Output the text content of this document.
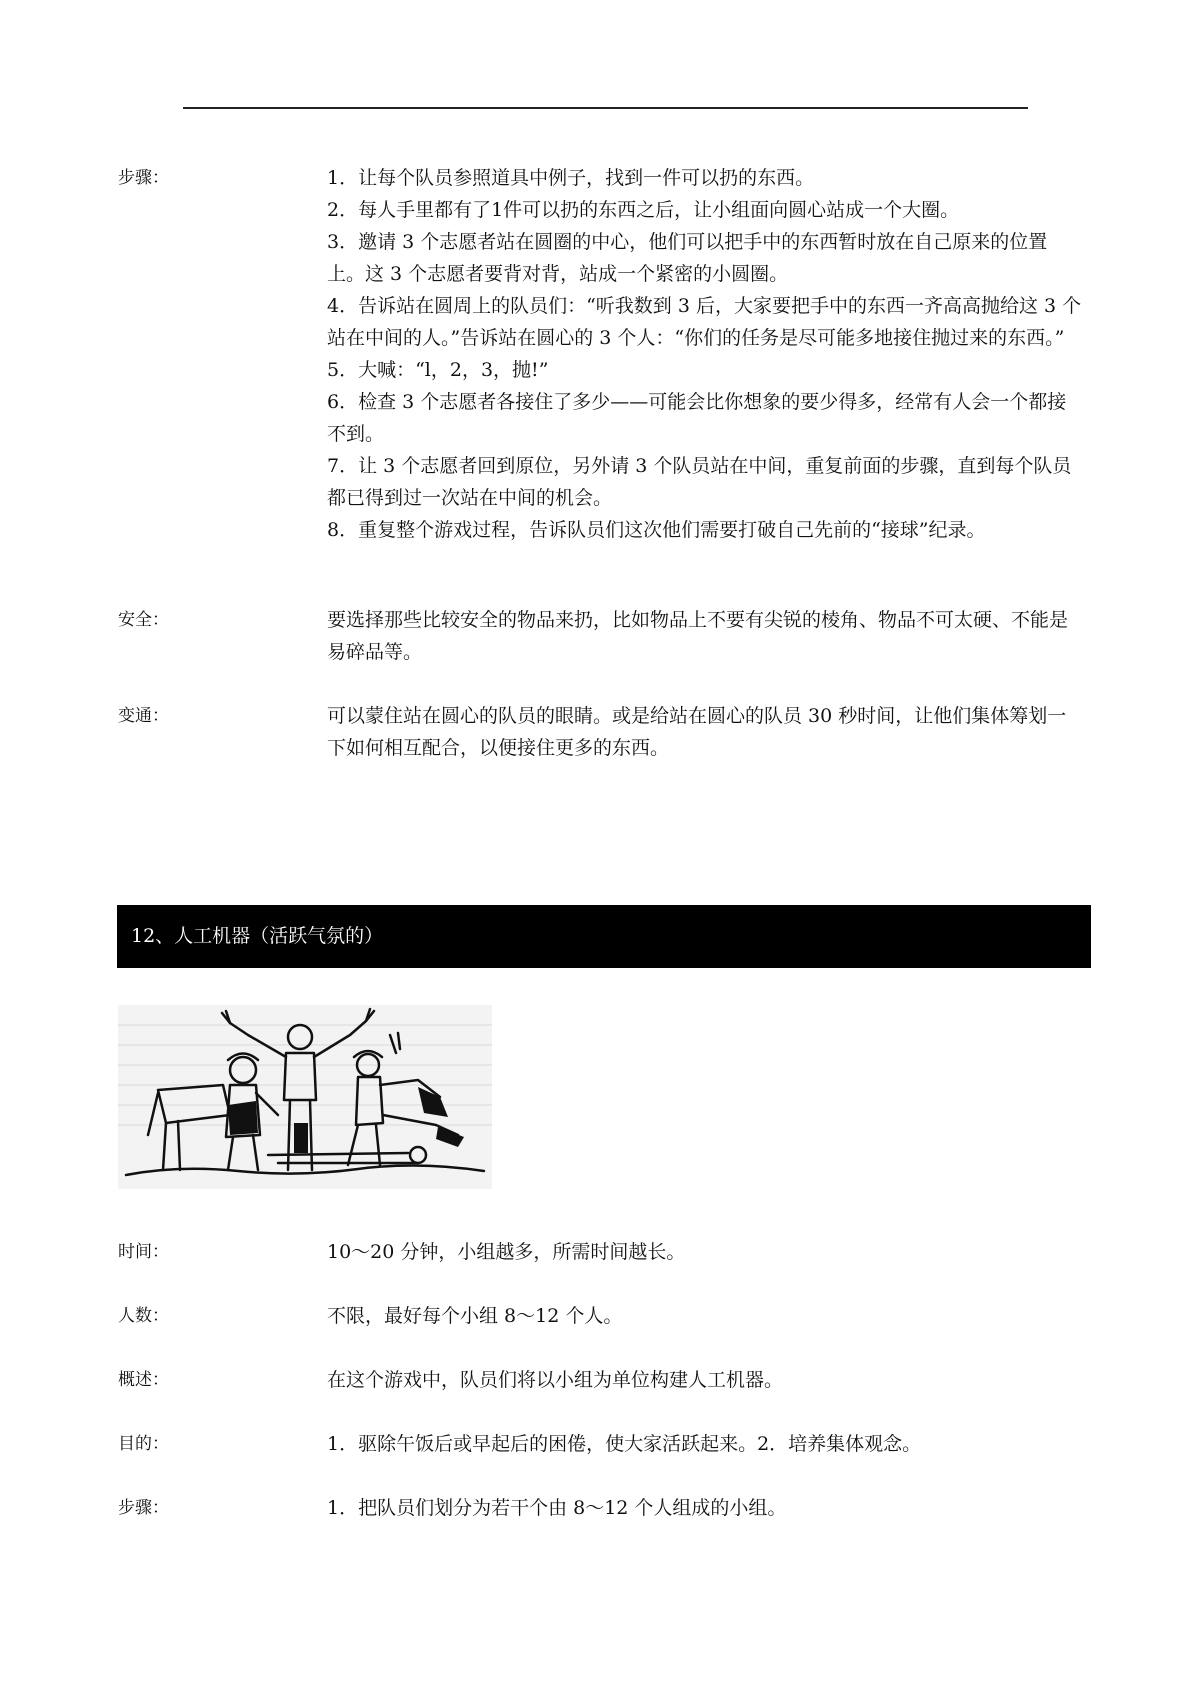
步骤：	1．让每个队员参照道具中例子，找到一件可以扔的东西。

2．每人手里都有了1件可以扔的东西之后，让小组面向圆心站成一个大圈。

3．邀请 3 个志愿者站在圆圈的中心，他们可以把手中的东西暂时放在自己原来的位置上。这 3 个志愿者要背对背，站成一个紧密的小圆圈。

4．告诉站在圆周上的队员们：“听我数到 3 后，大家要把手中的东西一齐高高抛给这 3 个站在中间的人。”告诉站在圆心的 3 个人：“你们的任务是尽可能多地接住抛过来的东西。”

5．大喊：“l，2，3，抛!”

6．检查 3 个志愿者各接住了多少——可能会比你想象的要少得多，经常有人会一个都接不到。

7．让 3 个志愿者回到原位，另外请 3 个队员站在中间，重复前面的步骤，直到每个队员都已得到过一次站在中间的机会。

8．重复整个游戏过程，告诉队员们这次他们需要打破自己先前的“接球”纪录。

安全：	要选择那些比较安全的物品来扔，比如物品上不要有尖锐的棱角、物品不可太硬、不能是易碎品等。
变通：	可以蒙住站在圆心的队员的眼睛。或是给站在圆心的队员 30 秒时间，让他们集体筹划一下如何相互配合，以便接住更多的东西。
12、人工机器（活跃气氛的）
时间：	10～20 分钟，小组越多，所需时间越长。
人数：	不限，最好每个小组 8～12 个人。
概述：	在这个游戏中，队员们将以小组为单位构建人工机器。
目的：	1．驱除午饭后或早起后的困倦，使大家活跃起来。2．培养集体观念。
步骤：	1．把队员们划分为若干个由 8～12 个人组成的小组。
